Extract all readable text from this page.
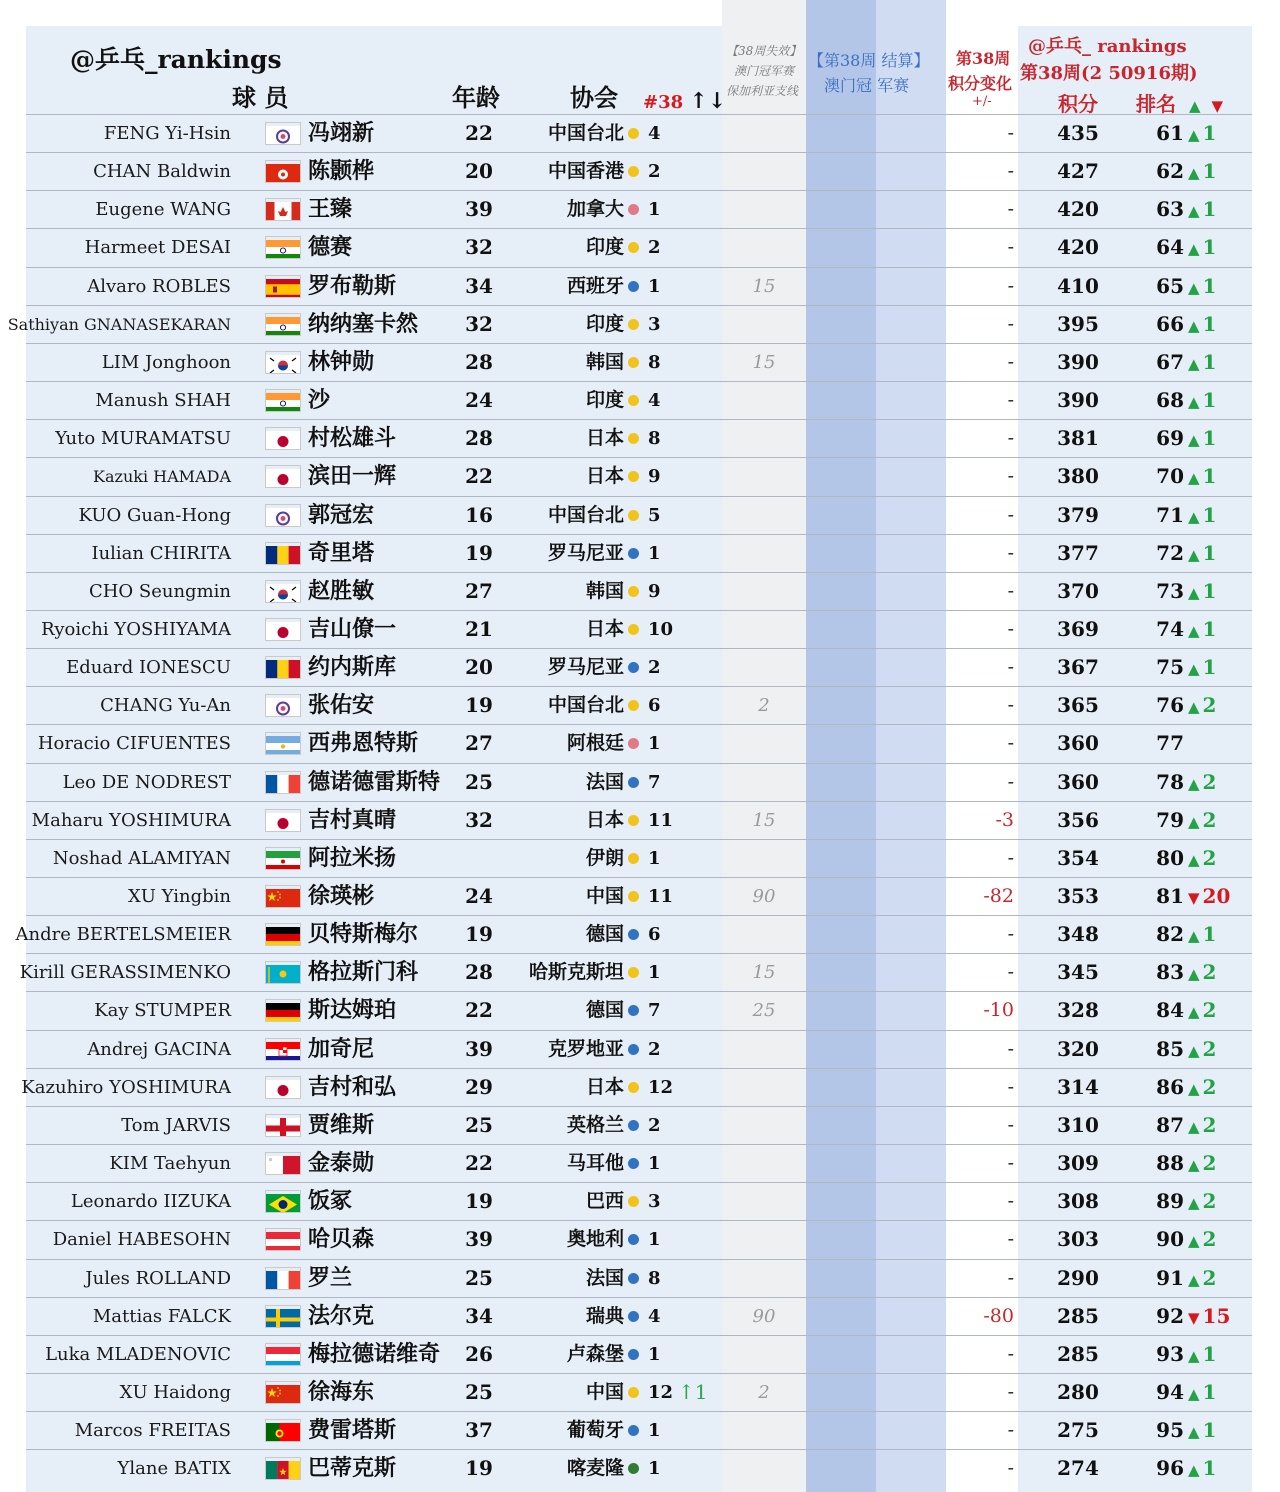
@乒乓_rankings
球 员	年龄	协会 #38 ↑↓
【38周失效】
澳门冠军赛
保加利亚支线
【第38周 结算】
澳门冠 军赛
第38周
积分变化
+/-
@乒乓_ rankings
第38周(2 50916期)
积分 排名 ▲ ▼
FENG Yi-Hsin	冯翊新	22	中国台北 4	- 435	61 ▲ 1
CHAN Baldwin	陈颢桦	20	中国香港 2	- 427	62 ▲ 1
Eugene WANG	王臻	39	加拿大 1	- 420	63 ▲ 1
Harmeet DESAI	德赛	32	印度 2	- 420	64 ▲ 1
Alvaro ROBLES	罗布勒斯	34	西班牙 1	15	- 410	65 ▲ 1
Sathiyan GNANASEKARAN	纳纳塞卡然	32	印度 3	- 395	66 ▲ 1
LIM Jonghoon	林钟勋	28	韩国 8	15	- 390	67 ▲ 1
Manush SHAH	沙	24	印度 4	- 390	68 ▲ 1
Yuto MURAMATSU	村松雄斗	28	日本 8	- 381	69 ▲ 1
Kazuki HAMADA	滨田一辉	22	日本 9	- 380	70 ▲ 1
KUO Guan-Hong	郭冠宏	16	中国台北 5	- 379	71 ▲ 1
Iulian CHIRITA	奇里塔	19	罗马尼亚 1	- 377	72 ▲ 1
CHO Seungmin	赵胜敏	27	韩国 9	- 370	73 ▲ 1
Ryoichi YOSHIYAMA	吉山僚一	21	日本 10	- 369	74 ▲ 1
Eduard IONESCU	约内斯库	20	罗马尼亚 2	- 367	75 ▲ 1
CHANG Yu-An	张佑安	19	中国台北 6	2	- 365	76 ▲ 2
Horacio CIFUENTES	西弗恩特斯	27	阿根廷 1	- 360	77
Leo DE NODREST	德诺德雷斯特	25	法国 7	- 360	78 ▲ 2
Maharu YOSHIMURA	吉村真晴	32	日本 11	15	-3 356	79 ▲ 2
Noshad ALAMIYAN	阿拉米扬	伊朗 1	- 354	80 ▲ 2
XU Yingbin	徐瑛彬	24	中国 11	90	-82 353	81 ▼ 20
Andre BERTELSMEIER	贝特斯梅尔	19	德国 6	- 348	82 ▲ 1
Kirill GERASSIMENKO	格拉斯门科	28	哈斯克斯坦 1	15	- 345	83 ▲ 2
Kay STUMPER	斯达姆珀	22	德国 7	25	-10 328	84 ▲ 2
Andrej GACINA	加奇尼	39	克罗地亚 2	- 320	85 ▲ 2
Kazuhiro YOSHIMURA	吉村和弘	29	日本 12	- 314	86 ▲ 2
Tom JARVIS	贾维斯	25	英格兰 2	- 310	87 ▲ 2
KIM Taehyun	金泰勋	22	马耳他 1	- 309	88 ▲ 2
Leonardo IIZUKA	饭冢	19	巴西 3	- 308	89 ▲ 2
Daniel HABESOHN	哈贝森	39	奥地利 1	- 303	90 ▲ 2
Jules ROLLAND	罗兰	25	法国 8	- 290	91 ▲ 2
Mattias FALCK	法尔克	34	瑞典 4	90	-80 285	92 ▼ 15
Luka MLADENOVIC	梅拉德诺维奇	26	卢森堡 1	- 285	93 ▲ 1
XU Haidong	徐海东	25	中国 12 ↑1	2	- 280	94 ▲ 1
Marcos FREITAS	费雷塔斯	37	葡萄牙 1	- 275	95 ▲ 1
Ylane BATIX	巴蒂克斯	19	喀麦隆 1	- 274	96 ▲ 1
